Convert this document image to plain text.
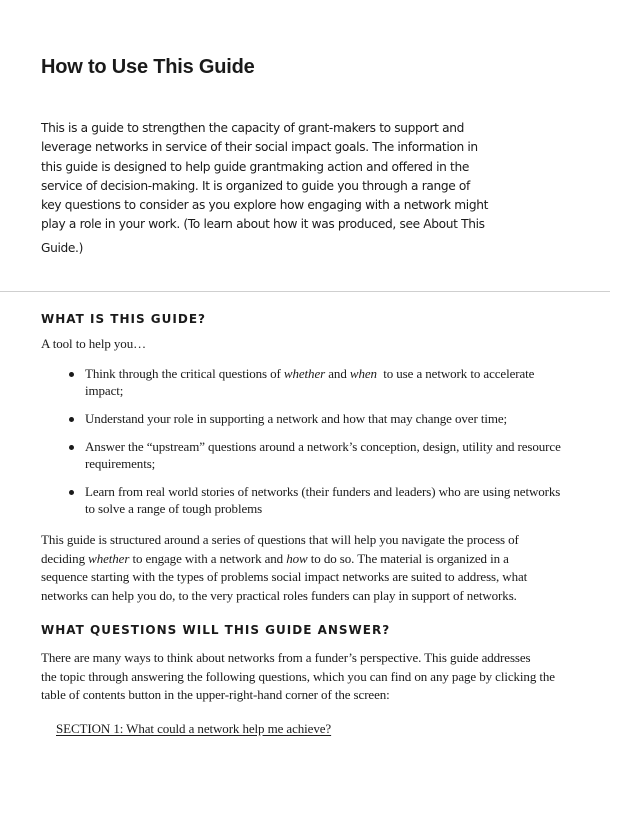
How to Use This Guide

This is a guide to strengthen the capacity of grant-makers to support and
leverage networks in service of their social impact goals. The information in
this guide is designed to help guide grantmaking action and offered in the
service of decision-making. It is organized to guide you through a range of
key questions to consider as you explore how engaging with a network might
play a role in your work. (To learn about how it was produced, see About This
Guide.)

WHAT IS THIS GUIDE?

A tool to help you…

Think through the critical questions of whether and when  to use a network to accelerate
impact;
Understand your role in supporting a network and how that may change over time;
Answer the “upstream” questions around a network’s conception, design, utility and resource
requirements;
Learn from real world stories of networks (their funders and leaders) who are using networks
to solve a range of tough problems

This guide is structured around a series of questions that will help you navigate the process of
deciding whether to engage with a network and how to do so. The material is organized in a
sequence starting with the types of problems social impact networks are suited to address, what
networks can help you do, to the very practical roles funders can play in support of networks.

WHAT QUESTIONS WILL THIS GUIDE ANSWER?

There are many ways to think about networks from a funder’s perspective. This guide addresses
the topic through answering the following questions, which you can find on any page by clicking the
table of contents button in the upper-right-hand corner of the screen:

SECTION 1: What could a network help me achieve?
